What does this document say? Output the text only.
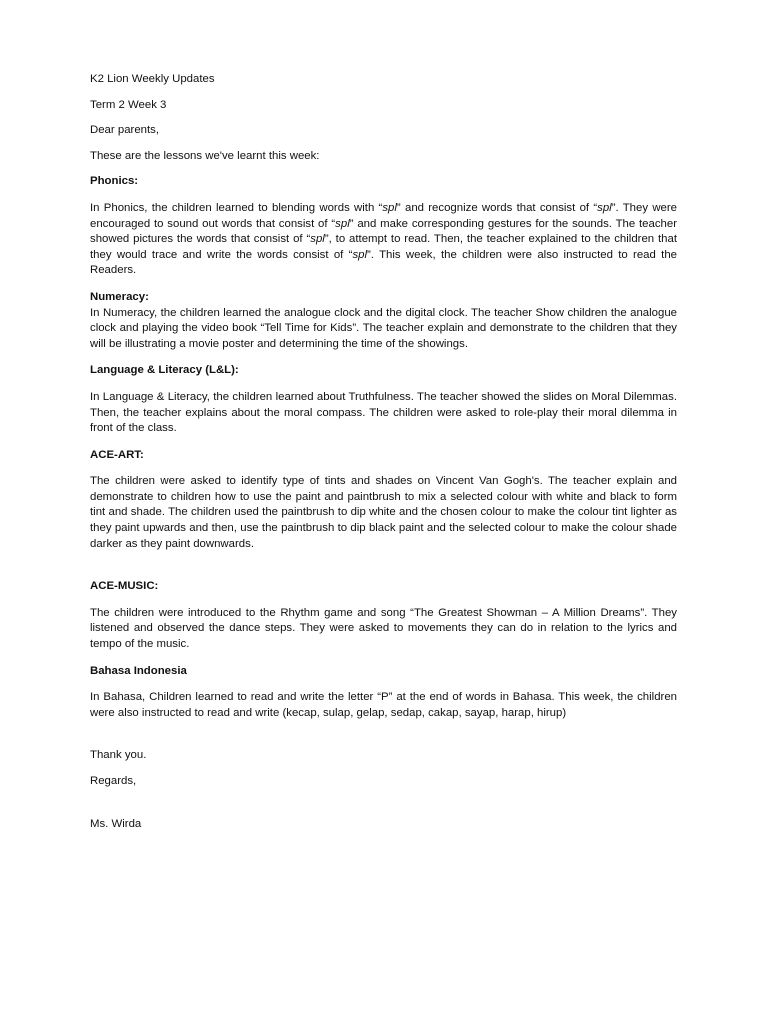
K2 Lion Weekly Updates

Term 2 Week 3

Dear parents,

These are the lessons we've learnt this week:

Phonics:

In Phonics, the children learned to blending words with “spl” and recognize words that consist of “spl”. They were encouraged to sound out words that consist of “spl” and make corresponding gestures for the sounds. The teacher showed pictures the words that consist of “spl”, to attempt to read. Then, the teacher explained to the children that they would trace and write the words consist of “spl”. This week, the children were also instructed to read the Readers.

Numeracy:

In Numeracy, the children learned the analogue clock and the digital clock. The teacher Show children the analogue clock and playing the video book “Tell Time for Kids”. The teacher explain and demonstrate to the children that they will be illustrating a movie poster and determining the time of the showings.

Language & Literacy (L&L):

In Language & Literacy, the children learned about Truthfulness. The teacher showed the slides on Moral Dilemmas. Then, the teacher explains about the moral compass. The children were asked to role-play their moral dilemma in front of the class.

ACE-ART:

The children were asked to identify type of tints and shades on Vincent Van Gogh's. The teacher explain and demonstrate to children how to use the paint and paintbrush to mix a selected colour with white and black to form tint and shade. The children used the paintbrush to dip white and the chosen colour to make the colour tint lighter as they paint upwards and then, use the paintbrush to dip black paint and the selected colour to make the colour shade darker as they paint downwards.

ACE-MUSIC:

The children were introduced to the Rhythm game and song “The Greatest Showman – A Million Dreams”. They listened and observed the dance steps. They were asked to movements they can do in relation to the lyrics and tempo of the music.

Bahasa Indonesia

In Bahasa, Children learned to read and write the letter “P” at the end of words in Bahasa. This week, the children were also instructed to read and write (kecap, sulap, gelap, sedap, cakap, sayap, harap, hirup)

Thank you.

Regards,

Ms. Wirda
